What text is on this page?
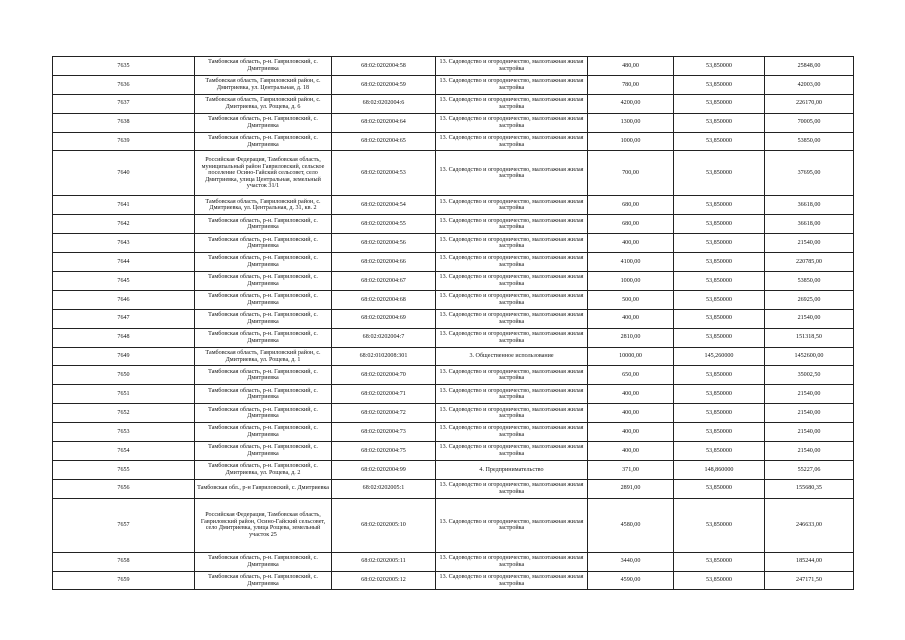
7635	Тамбовская область, р-н. Гавриловский, с. Дмитриевка	68:02:0202004:58	13. Садоводство и огородничество, малоэтажная жилая застройка	480,00	53,850000	25848,00
7636	Тамбовская область, Гавриловский район, с. Дмитриевка, ул. Центральная, д. 18	68:02:0202004:59	13. Садоводство и огородничество, малоэтажная жилая застройка	780,00	53,850000	42003,00
7637	Тамбовская область, Гавриловский район, с. Дмитриевка, ул. Рощева, д. 6	68:02:0202004:6	13. Садоводство и огородничество, малоэтажная жилая застройка	4200,00	53,850000	226170,00
7638	Тамбовская область, р-н. Гавриловский, с. Дмитриевка	68:02:0202004:64	13. Садоводство и огородничество, малоэтажная жилая застройка	1300,00	53,850000	70005,00
7639	Тамбовская область, р-н. Гавриловский, с. Дмитриевка	68:02:0202004:65	13. Садоводство и огородничество, малоэтажная жилая застройка	1000,00	53,850000	53850,00
7640	Российская Федерация, Тамбовская область, муниципальный район Гавриловский, сельское поселение Осино-Гайский сельсовет, село Дмитриевка, улица Центральная, земельный участок 31/1	68:02:0202004:53	13. Садоводство и огородничество, малоэтажная жилая застройка	700,00	53,850000	37695,00
7641	Тамбовская область, Гавриловский район, с. Дмитриевка, ул. Центральная, д. 31, кв. 2	68:02:0202004:54	13. Садоводство и огородничество, малоэтажная жилая застройка	680,00	53,850000	36618,00
7642	Тамбовская область, р-н. Гавриловский, с. Дмитриевка	68:02:0202004:55	13. Садоводство и огородничество, малоэтажная жилая застройка	680,00	53,850000	36618,00
7643	Тамбовская область, р-н. Гавриловский, с. Дмитриевка	68:02:0202004:56	13. Садоводство и огородничество, малоэтажная жилая застройка	400,00	53,850000	21540,00
7644	Тамбовская область, р-н. Гавриловский, с. Дмитриевка	68:02:0202004:66	13. Садоводство и огородничество, малоэтажная жилая застройка	4100,00	53,850000	220785,00
7645	Тамбовская область, р-н. Гавриловский, с. Дмитриевка	68:02:0202004:67	13. Садоводство и огородничество, малоэтажная жилая застройка	1000,00	53,850000	53850,00
7646	Тамбовская область, р-н. Гавриловский, с. Дмитриевка	68:02:0202004:68	13. Садоводство и огородничество, малоэтажная жилая застройка	500,00	53,850000	26925,00
7647	Тамбовская область, р-н. Гавриловский, с. Дмитриевка	68:02:0202004:69	13. Садоводство и огородничество, малоэтажная жилая застройка	400,00	53,850000	21540,00
7648	Тамбовская область, р-н. Гавриловский, с. Дмитриевка	68:02:0202004:7	13. Садоводство и огородничество, малоэтажная жилая застройка	2810,00	53,850000	151318,50
7649	Тамбовская область, Гавриловский район, с. Дмитриевка, ул. Рощева, д. 1	68:02:0102008:301	3. Общественное использование	10000,00	145,260000	1452600,00
7650	Тамбовская область, р-н. Гавриловский, с. Дмитриевка	68:02:0202004:70	13. Садоводство и огородничество, малоэтажная жилая застройка	650,00	53,850000	35002,50
7651	Тамбовская область, р-н. Гавриловский, с. Дмитриевка	68:02:0202004:71	13. Садоводство и огородничество, малоэтажная жилая застройка	400,00	53,850000	21540,00
7652	Тамбовская область, р-н. Гавриловский, с. Дмитриевка	68:02:0202004:72	13. Садоводство и огородничество, малоэтажная жилая застройка	400,00	53,850000	21540,00
7653	Тамбовская область, р-н. Гавриловский, с. Дмитриевка	68:02:0202004:73	13. Садоводство и огородничество, малоэтажная жилая застройка	400,00	53,850000	21540,00
7654	Тамбовская область, р-н. Гавриловский, с. Дмитриевка	68:02:0202004:75	13. Садоводство и огородничество, малоэтажная жилая застройка	400,00	53,850000	21540,00
7655	Тамбовская область, р-н. Гавриловский, с. Дмитриевка, ул. Рощева, д. 2	68:02:0202004:99	4. Предпринимательство	371,00	148,860000	55227,06
7656	Тамбовская обл., р-н Гавриловский, с. Дмитриевка	68:02:0202005:1	13. Садоводство и огородничество, малоэтажная жилая застройка	2891,00	53,850000	155680,35
7657	Российская Федерация, Тамбовская область, Гавриловский район, Осино-Гайский сельсовет, село Дмитриевка, улица Рощева, земельный участок 25	68:02:0202005:10	13. Садоводство и огородничество, малоэтажная жилая застройка	4580,00	53,850000	246633,00
7658	Тамбовская область, р-н. Гавриловский, с. Дмитриевка	68:02:0202005:11	13. Садоводство и огородничество, малоэтажная жилая застройка	3440,00	53,850000	185244,00
7659	Тамбовская область, р-н. Гавриловский, с. Дмитриевка	68:02:0202005:12	13. Садоводство и огородничество, малоэтажная жилая застройка	4590,00	53,850000	247171,50
